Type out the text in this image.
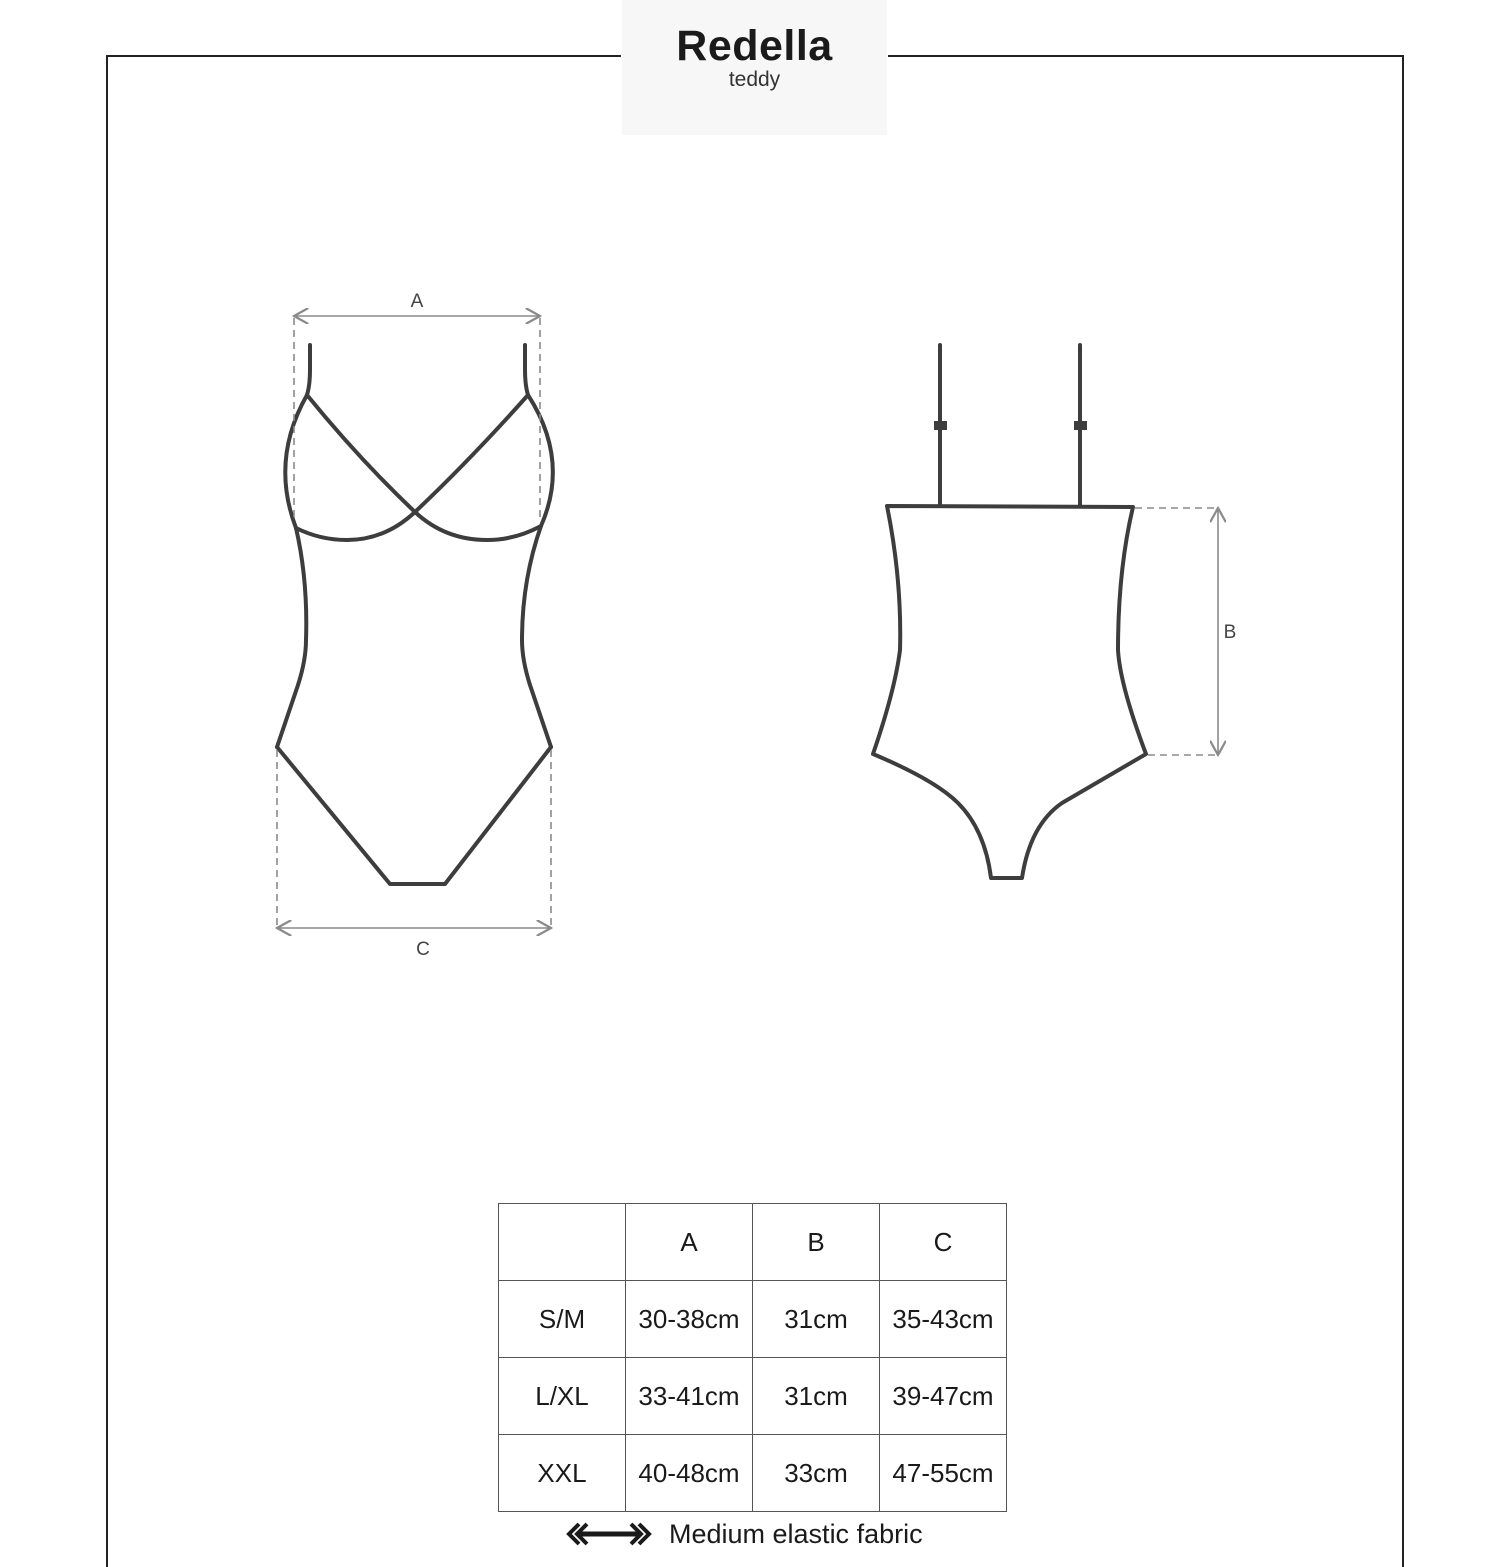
Redella
teddy
A
C
B
	A	B	C
S/M	30-38cm	31cm	35-43cm
L/XL	33-41cm	31cm	39-47cm
XXL	40-48cm	33cm	47-55cm
Medium elastic fabric
